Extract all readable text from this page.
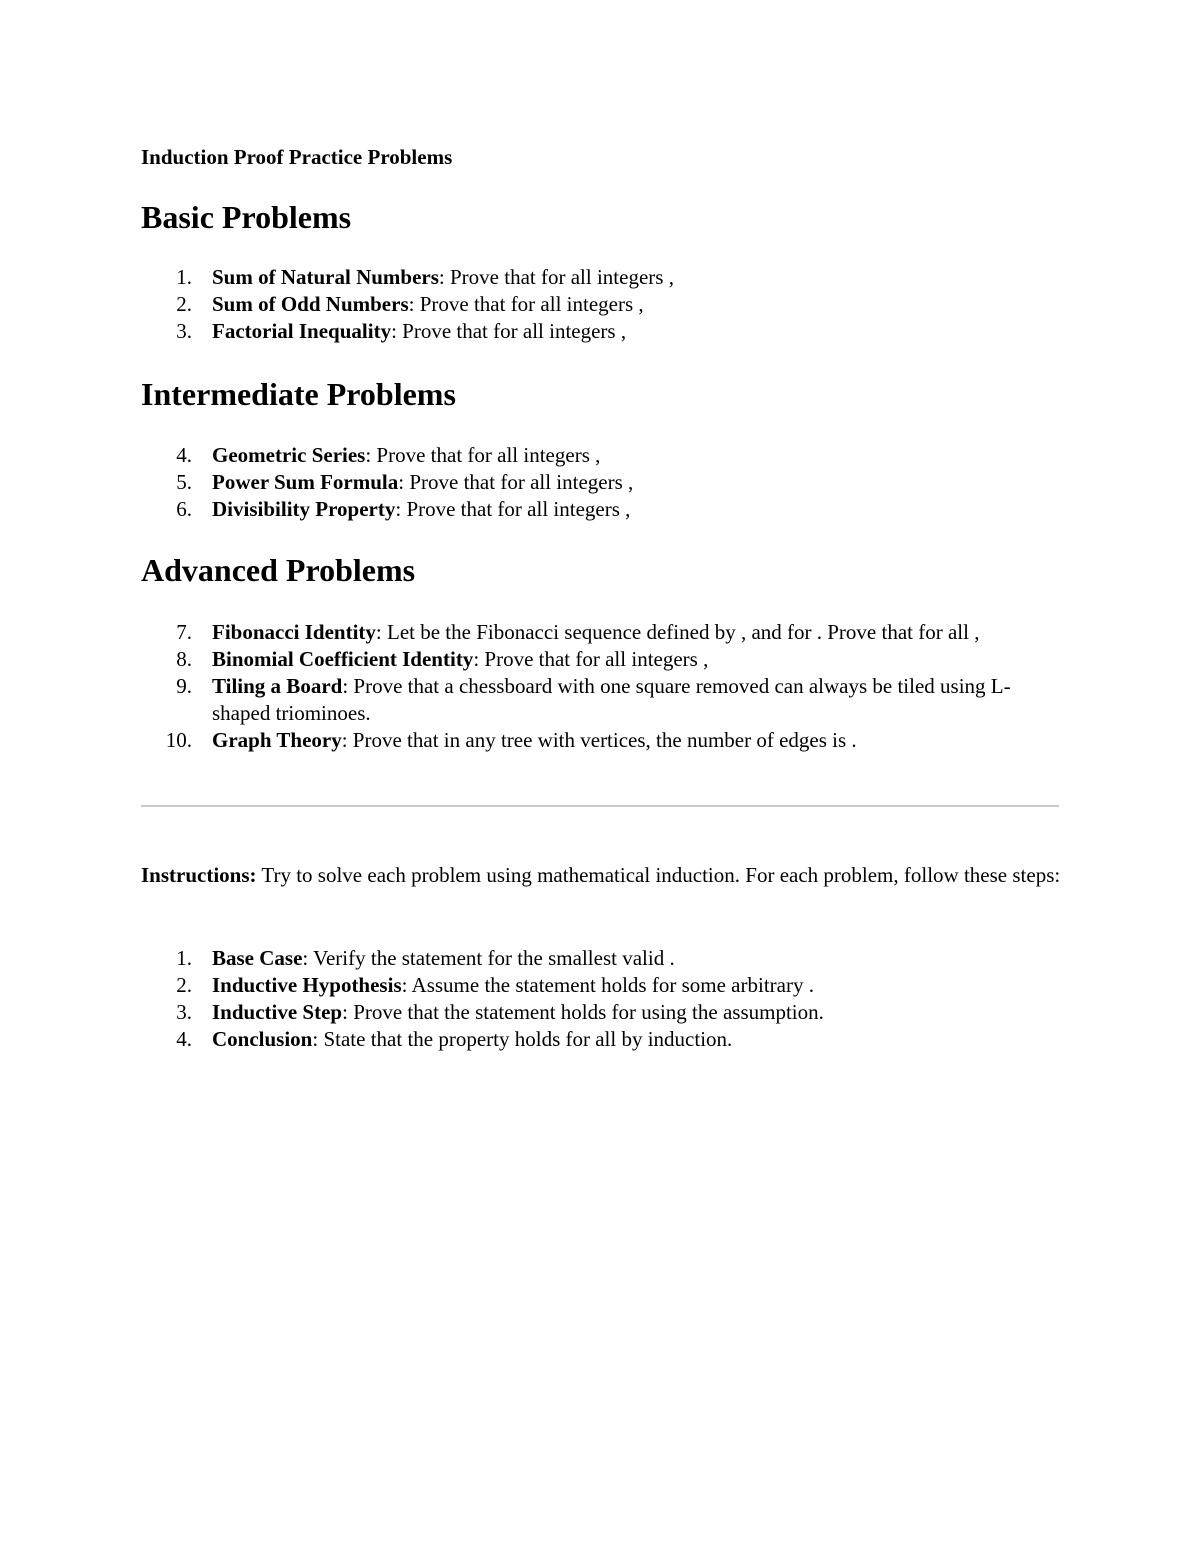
Induction Proof Practice Problems
Basic Problems
1. Sum of Natural Numbers: Prove that for all integers ,
2. Sum of Odd Numbers: Prove that for all integers ,
3. Factorial Inequality: Prove that for all integers ,
Intermediate Problems
4. Geometric Series: Prove that for all integers ,
5. Power Sum Formula: Prove that for all integers ,
6. Divisibility Property: Prove that for all integers ,
Advanced Problems
7. Fibonacci Identity: Let be the Fibonacci sequence defined by , and for . Prove that for all ,
8. Binomial Coefficient Identity: Prove that for all integers ,
9. Tiling a Board: Prove that a chessboard with one square removed can always be tiled using L-shaped triominoes.
10. Graph Theory: Prove that in any tree with vertices, the number of edges is .

Instructions: Try to solve each problem using mathematical induction. For each problem, follow these steps:

1. Base Case: Verify the statement for the smallest valid .
2. Inductive Hypothesis: Assume the statement holds for some arbitrary .
3. Inductive Step: Prove that the statement holds for using the assumption.
4. Conclusion: State that the property holds for all by induction.
